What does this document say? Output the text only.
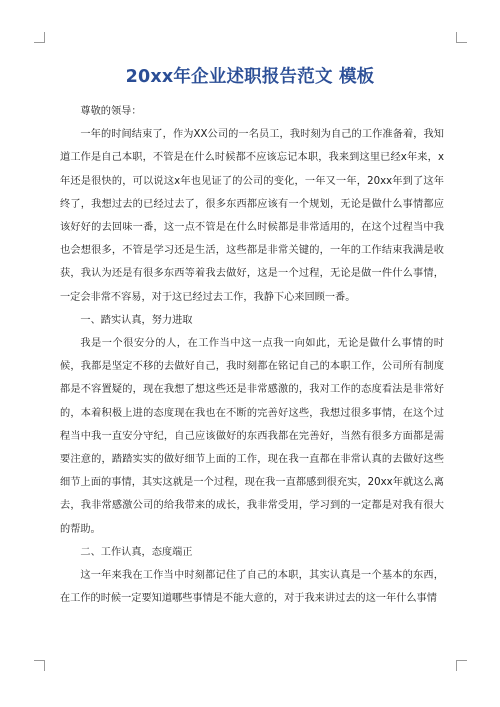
20xx年企业述职报告范文 模板

尊敬的领导：

一年的时间结束了，作为XX公司的一名员工，我时刻为自己的工作准备着，我知道工作是自己本职，不管是在什么时候都不应该忘记本职，我来到这里已经x年来，x年还是很快的，可以说这x年也见证了的公司的变化，一年又一年，20xx年到了这年终了，我想过去的已经过去了，很多东西都应该有一个规划，无论是做什么事情都应该好好的去回味一番，这一点不管是在什么时候都是非常适用的，在这个过程当中我也会想很多，不管是学习还是生活，这些都是非常关键的，一年的工作结束我满是收获，我认为还是有很多东西等着我去做好，这是一个过程，无论是做一件什么事情，一定会非常不容易，对于这已经过去工作，我静下心来回顾一番。

一、踏实认真，努力进取

我是一个很安分的人，在工作当中这一点我一向如此，无论是做什么事情的时候，我都是坚定不移的去做好自己，我时刻都在铭记自己的本职工作，公司所有制度都是不容置疑的，现在我想了想这些还是非常感激的，我对工作的态度看法是非常好的，本着积极上进的态度现在我也在不断的完善好这些，我想过很多事情，在这个过程当中我一直安分守纪，自己应该做好的东西我都在完善好，当然有很多方面都是需要注意的，踏踏实实的做好细节上面的工作，现在我一直都在非常认真的去做好这些细节上面的事情，其实这就是一个过程，现在我一直都感到很充实，20xx年就这么离去，我非常感激公司的给我带来的成长，我非常受用，学习到的一定都是对我有很大的帮助。

二、工作认真，态度端正

这一年来我在工作当中时刻都记住了自己的本职，其实认真是一个基本的东西，在工作的时候一定要知道哪些事情是不能大意的，对于我来讲过去的这一年什么事情
